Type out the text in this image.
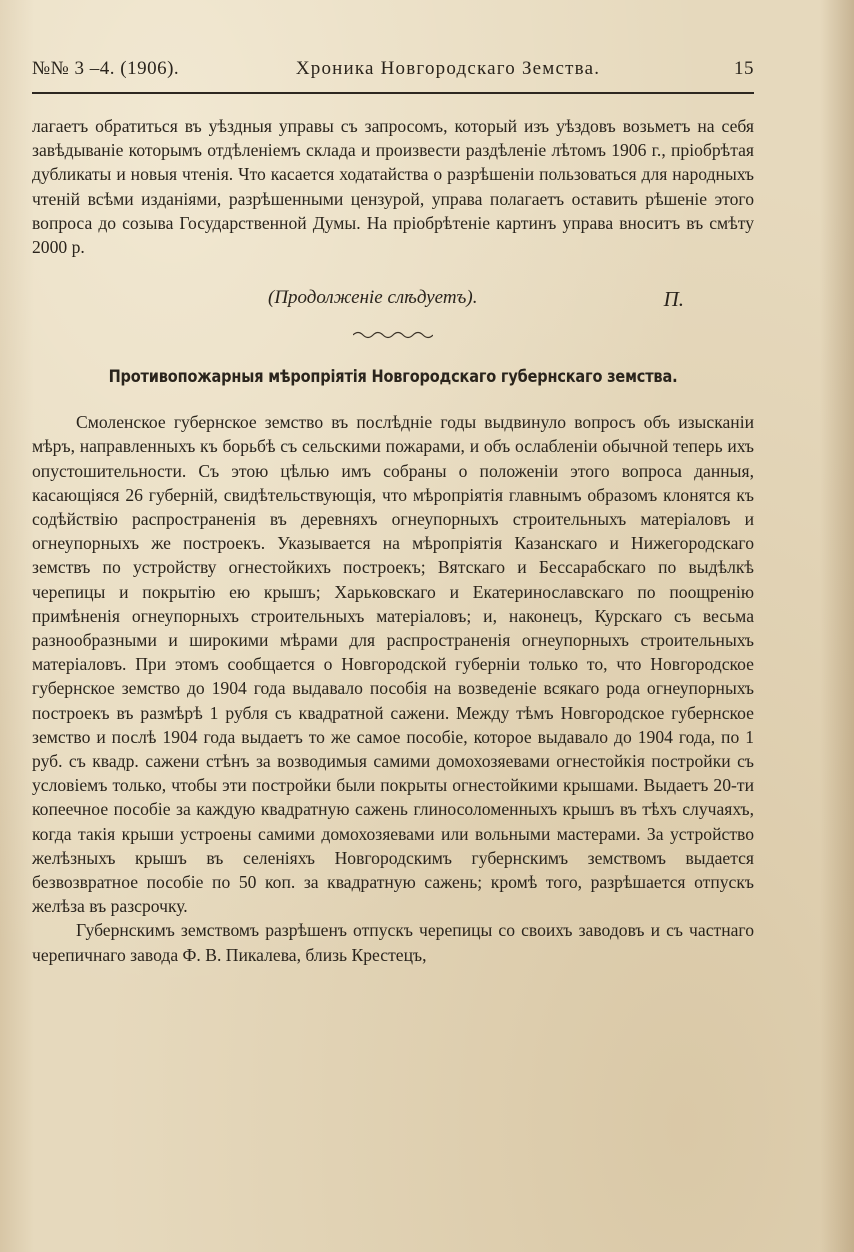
№№ 3 –4. (1906).	Хроника Новгородскаго Земства.	15

лагаетъ обратиться въ уѣздныя управы съ запросомъ, который изъ уѣздовъ возьметъ на себя завѣдываніе которымъ отдѣленіемъ склада и произвести раздѣленіе лѣтомъ 1906 г., пріобрѣтая дубликаты и новыя чтенія. Что касается ходатайства о разрѣшеніи пользоваться для народныхъ чтеній всѣми изданіями, разрѣшенными цензурой, управа полагаетъ оставить рѣшеніе этого вопроса до созыва Государственной Думы. На пріобрѣтеніе картинъ управа вноситъ въ смѣту 2000 р.

(Продолженіе слѣдуетъ).	П.
Противопожарныя мѣропріятія Новгородскаго губернскаго земства.

Смоленское губернское земство въ послѣдніе годы выдвинуло вопросъ объ изысканіи мѣръ, направленныхъ къ борьбѣ съ сельскими пожарами, и объ ослабленіи обычной теперь ихъ опустошительности. Съ этою цѣлью имъ собраны о положеніи этого вопроса данныя, касающіяся 26 губерній, свидѣтельствующія, что мѣропріятія главнымъ образомъ клонятся къ содѣйствію распространенія въ деревняхъ огнеупорныхъ строительныхъ матеріаловъ и огнеупорныхъ же построекъ. Указывается на мѣропріятія Казанскаго и Нижегородскаго земствъ по устройству огнестойкихъ построекъ; Вятскаго и Бессарабскаго по выдѣлкѣ черепицы и покрытію ею крышъ; Харьковскаго и Екатеринославскаго по поощренію примѣненія огнеупорныхъ строительныхъ матеріаловъ; и, наконецъ, Курскаго съ весьма разнообразными и широкими мѣрами для распространенія огнеупорныхъ строительныхъ матеріаловъ. При этомъ сообщается о Новгородской губерніи только то, что Новгородское губернское земство до 1904 года выдавало пособія на возведеніе всякаго рода огнеупорныхъ построекъ въ размѣрѣ 1 рубля съ квадратной сажени. Между тѣмъ Новгородское губернское земство и послѣ 1904 года выдаетъ то же самое пособіе, которое выдавало до 1904 года, по 1 руб. съ квадр. сажени стѣнъ за возводимыя самими домохозяевами огнестойкія постройки съ условіемъ только, чтобы эти постройки были покрыты огнестойкими крышами. Выдаетъ 20-ти копеечное пособіе за каждую квадратную сажень глиносоломенныхъ крышъ въ тѣхъ случаяхъ, когда такія крыши устроены самими домохозяевами или вольными мастерами. За устройство желѣзныхъ крышъ въ селеніяхъ Новгородскимъ губернскимъ земствомъ выдается безвозвратное пособіе по 50 коп. за квадратную сажень; кромѣ того, разрѣшается отпускъ желѣза въ разсрочку.

Губернскимъ земствомъ разрѣшенъ отпускъ черепицы со своихъ заводовъ и съ частнаго черепичнаго завода Ф. В. Пикалева, близь Крестецъ,
